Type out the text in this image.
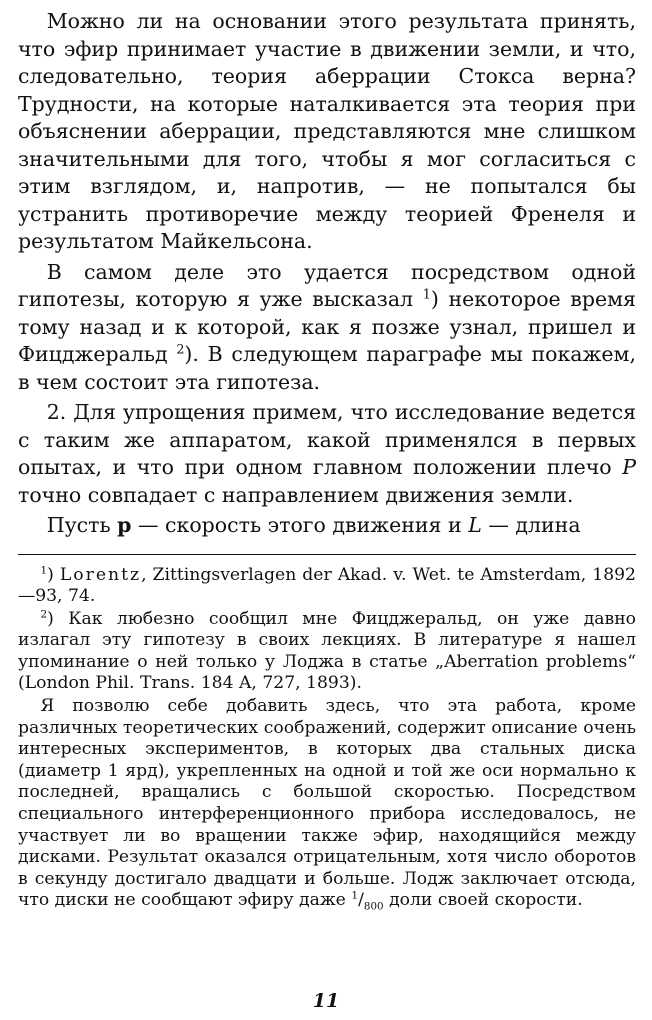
Можно ли на основании этого результата принять, что эфир принимает участие в движении земли, и что, следовательно, теория аберрации Стокса верна? Трудности, на которые наталкивается эта теория при объяснении аберрации, представляются мне слишком значительными для того, чтобы я мог согласиться с этим взглядом, и, напротив, — не попытался бы устранить противоречие между теорией Френеля и результатом Майкельсона.

В самом деле это удается посредством одной гипотезы, которую я уже высказал $^1$) некоторое время тому назад и к которой, как я позже узнал, пришел и Фицджеральд $^2$). В следующем параграфе мы покажем, в чем состоит эта гипотеза.

2. Для упрощения примем, что исследование ведется с таким же аппаратом, какой применялся в первых опытах, и что при одном главном положении плечо P точно совпадает с направлением движения земли.

Пусть p — скорость этого движения и L — длина

$^1$) Lorentz, Zittingsverlagen der Akad. v. Wet. te Amsterdam, 1892—93, 74.

$^2$) Как любезно сообщил мне Фицджеральд, он уже давно излагал эту гипотезу в своих лекциях. В литературе я нашел упоминание о ней только у Лоджа в статье „Aberration problems“ (London Phil. Trans. 184 A, 727, 1893).

Я позволю себе добавить здесь, что эта работа, кроме различных теоретических соображений, содержит описание очень интересных экспериментов, в которых два стальных диска (диаметр 1 ярд), укрепленных на одной и той же оси нормально к последней, вращались с большой скоростью. Посредством специального интерференционного прибора исследовалось, не участвует ли во вращении также эфир, находящийся между дисками. Результат оказался отрицательным, хотя число оборотов в секунду достигало двадцати и больше. Лодж заключает отсюда, что диски не сообщают эфиру даже $^1/_{800}$ доли своей скорости.

11
